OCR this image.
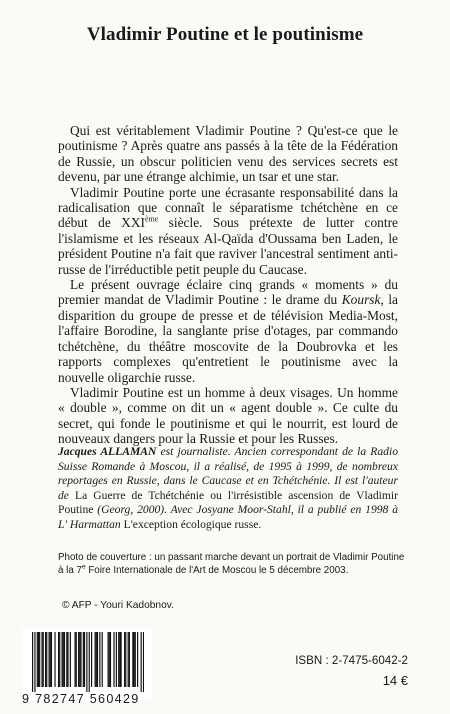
Vladimir Poutine et le poutinisme

Qui est véritablement Vladimir Poutine ? Qu'est-ce que le poutinisme ? Après quatre ans passés à la tête de la Fédération de Russie, un obscur politicien venu des services secrets est devenu, par une étrange alchimie, un tsar et une star.

Vladimir Poutine porte une écrasante responsabilité dans la radicalisation que connaît le séparatisme tchétchène en ce début de XXIème siècle. Sous prétexte de lutter contre l'islamisme et les réseaux Al-Qaïda d'Oussama ben Laden, le président Poutine n'a fait que raviver l'ancestral sentiment anti-russe de l'irréductible petit peuple du Caucase.

Le présent ouvrage éclaire cinq grands « moments » du premier mandat de Vladimir Poutine : le drame du Koursk, la disparition du groupe de presse et de télévision Media-Most, l'affaire Borodine, la sanglante prise d'otages, par commando tchétchène, du théâtre moscovite de la Doubrovka et les rapports complexes qu'entretient le poutinisme avec la nouvelle oligarchie russe.

Vladimir Poutine est un homme à deux visages. Un homme « double », comme on dit un « agent double ». Ce culte du secret, qui fonde le poutinisme et qui le nourrit, est lourd de nouveaux dangers pour la Russie et pour les Russes.

Jacques ALLAMAN est journaliste. Ancien correspondant de la Radio Suisse Romande à Moscou, il a réalisé, de 1995 à 1999, de nombreux reportages en Russie, dans le Caucase et en Tchétchénie. Il est l'auteur de La Guerre de Tchétchénie ou l'irrésistible ascension de Vladimir Poutine (Georg, 2000). Avec Josyane Moor-Stahl, il a publié en 1998 à L' Harmattan L'exception écologique russe.
Photo de couverture : un passant marche devant un portrait de Vladimir Poutine à la 7e Foire Internationale de l'Art de Moscou le 5 décembre 2003.
© AFP - Youri Kadobnov.
9 782747 560429
ISBN : 2-7475-6042-2
14 €
